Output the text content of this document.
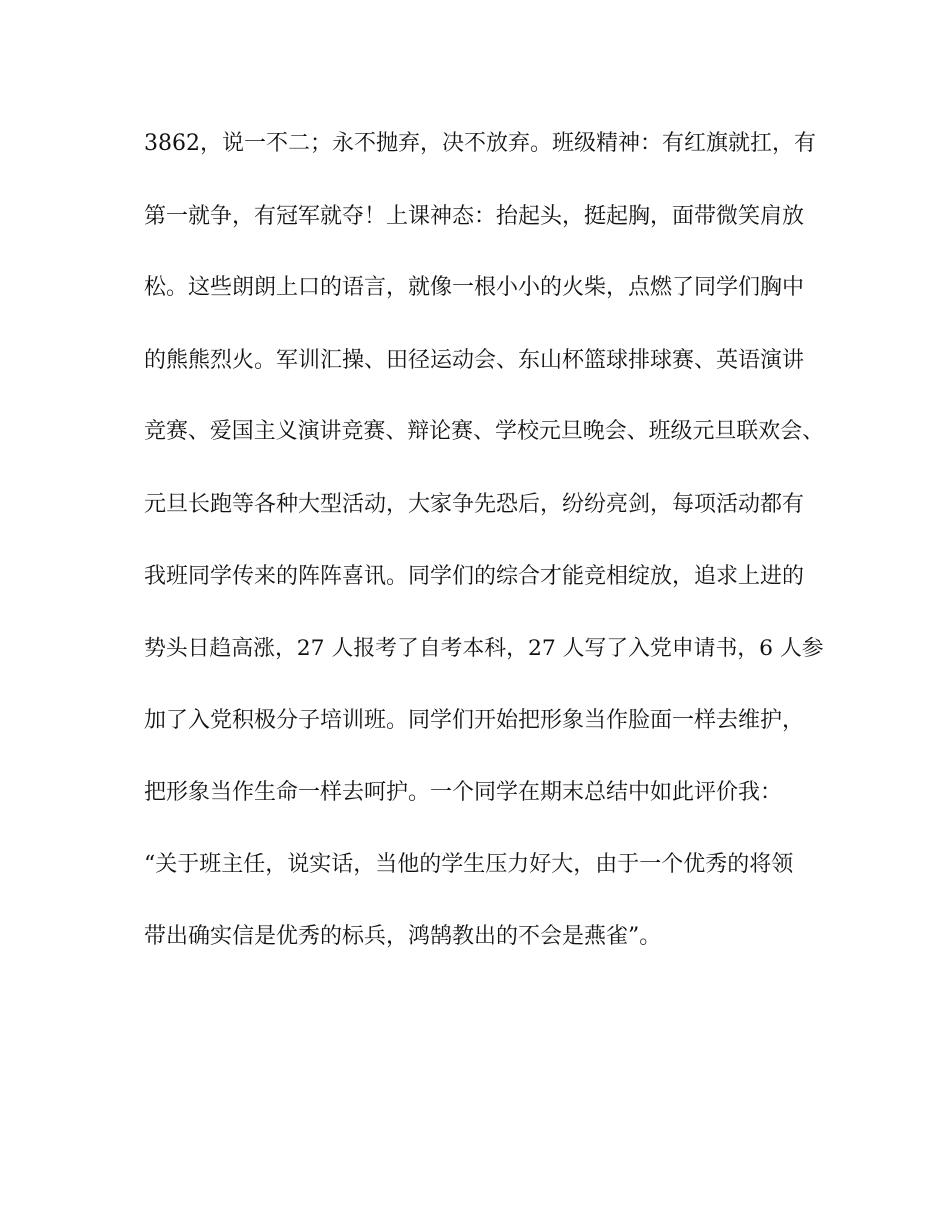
3862，说一不二；永不抛弃，决不放弃。班级精神：有红旗就扛，有
第一就争，有冠军就夺！上课神态：抬起头，挺起胸，面带微笑肩放
松。这些朗朗上口的语言，就像一根小小的火柴，点燃了同学们胸中
的熊熊烈火。军训汇操、田径运动会、东山杯篮球排球赛、英语演讲
竞赛、爱国主义演讲竞赛、辩论赛、学校元旦晚会、班级元旦联欢会、
元旦长跑等各种大型活动，大家争先恐后，纷纷亮剑，每项活动都有
我班同学传来的阵阵喜讯。同学们的综合才能竞相绽放，追求上进的
势头日趋高涨，27 人报考了自考本科，27 人写了入党申请书，6 人参
加了入党积极分子培训班。同学们开始把形象当作脸面一样去维护，
把形象当作生命一样去呵护。一个同学在期末总结中如此评价我：
“关于班主任，说实话，当他的学生压力好大，由于一个优秀的将领
带出确实信是优秀的标兵，鸿鹄教出的不会是燕雀”。
